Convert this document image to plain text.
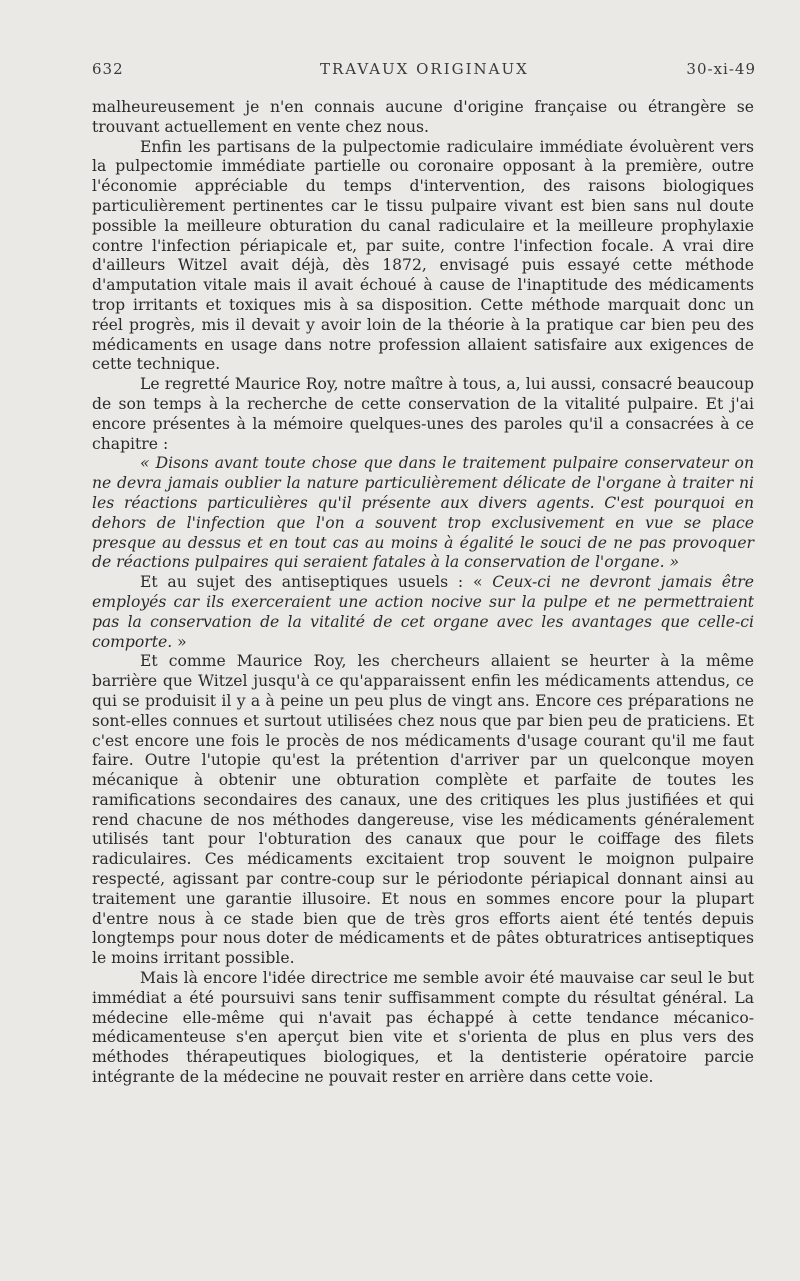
632	TRAVAUX ORIGINAUX	30-xi-49

malheureusement je n'en connais aucune d'origine française ou étrangère se trouvant actuellement en vente chez nous.

Enfin les partisans de la pulpectomie radiculaire immédiate évoluèrent vers la pulpectomie immédiate partielle ou coronaire opposant à la première, outre l'économie appréciable du temps d'intervention, des raisons biologiques particulièrement pertinentes car le tissu pulpaire vivant est bien sans nul doute possible la meilleure obturation du canal radiculaire et la meilleure prophylaxie contre l'infection périapicale et, par suite, contre l'infection focale. A vrai dire d'ailleurs Witzel avait déjà, dès 1872, envisagé puis essayé cette méthode d'amputation vitale mais il avait échoué à cause de l'inaptitude des médicaments trop irritants et toxiques mis à sa disposition. Cette méthode marquait donc un réel progrès, mis il devait y avoir loin de la théorie à la pratique car bien peu des médicaments en usage dans notre profession allaient satisfaire aux exigences de cette technique.

Le regretté Maurice Roy, notre maître à tous, a, lui aussi, consacré beaucoup de son temps à la recherche de cette conservation de la vitalité pulpaire. Et j'ai encore présentes à la mémoire quelques-unes des paroles qu'il a consacrées à ce chapitre :

« Disons avant toute chose que dans le traitement pulpaire conservateur on ne devra jamais oublier la nature particulièrement délicate de l'organe à traiter ni les réactions particulières qu'il présente aux divers agents. C'est pourquoi en dehors de l'infection que l'on a souvent trop exclusivement en vue se place presque au dessus et en tout cas au moins à égalité le souci de ne pas provoquer de réactions pulpaires qui seraient fatales à la conservation de l'organe. »

Et au sujet des antiseptiques usuels : « Ceux-ci ne devront jamais être employés car ils exerceraient une action nocive sur la pulpe et ne permettraient pas la conservation de la vitalité de cet organe avec les avantages que celle-ci comporte. »

Et comme Maurice Roy, les chercheurs allaient se heurter à la même barrière que Witzel jusqu'à ce qu'apparaissent enfin les médicaments attendus, ce qui se produisit il y a à peine un peu plus de vingt ans. Encore ces préparations ne sont-elles connues et surtout utilisées chez nous que par bien peu de praticiens. Et c'est encore une fois le procès de nos médicaments d'usage courant qu'il me faut faire. Outre l'utopie qu'est la prétention d'arriver par un quelconque moyen mécanique à obtenir une obturation complète et parfaite de toutes les ramifications secondaires des canaux, une des critiques les plus justifiées et qui rend chacune de nos méthodes dangereuse, vise les médicaments généralement utilisés tant pour l'obturation des canaux que pour le coiffage des filets radiculaires. Ces médicaments excitaient trop souvent le moignon pulpaire respecté, agissant par contre-coup sur le périodonte périapical donnant ainsi au traitement une garantie illusoire. Et nous en sommes encore pour la plupart d'entre nous à ce stade bien que de très gros efforts aient été tentés depuis longtemps pour nous doter de médicaments et de pâtes obturatrices antiseptiques le moins irritant possible.

Mais là encore l'idée directrice me semble avoir été mauvaise car seul le but immédiat a été poursuivi sans tenir suffisamment compte du résultat général. La médecine elle-même qui n'avait pas échappé à cette tendance mécanico-médicamenteuse s'en aperçut bien vite et s'orienta de plus en plus vers des méthodes thérapeutiques biologiques, et la dentisterie opératoire parcie intégrante de la médecine ne pouvait rester en arrière dans cette voie.
